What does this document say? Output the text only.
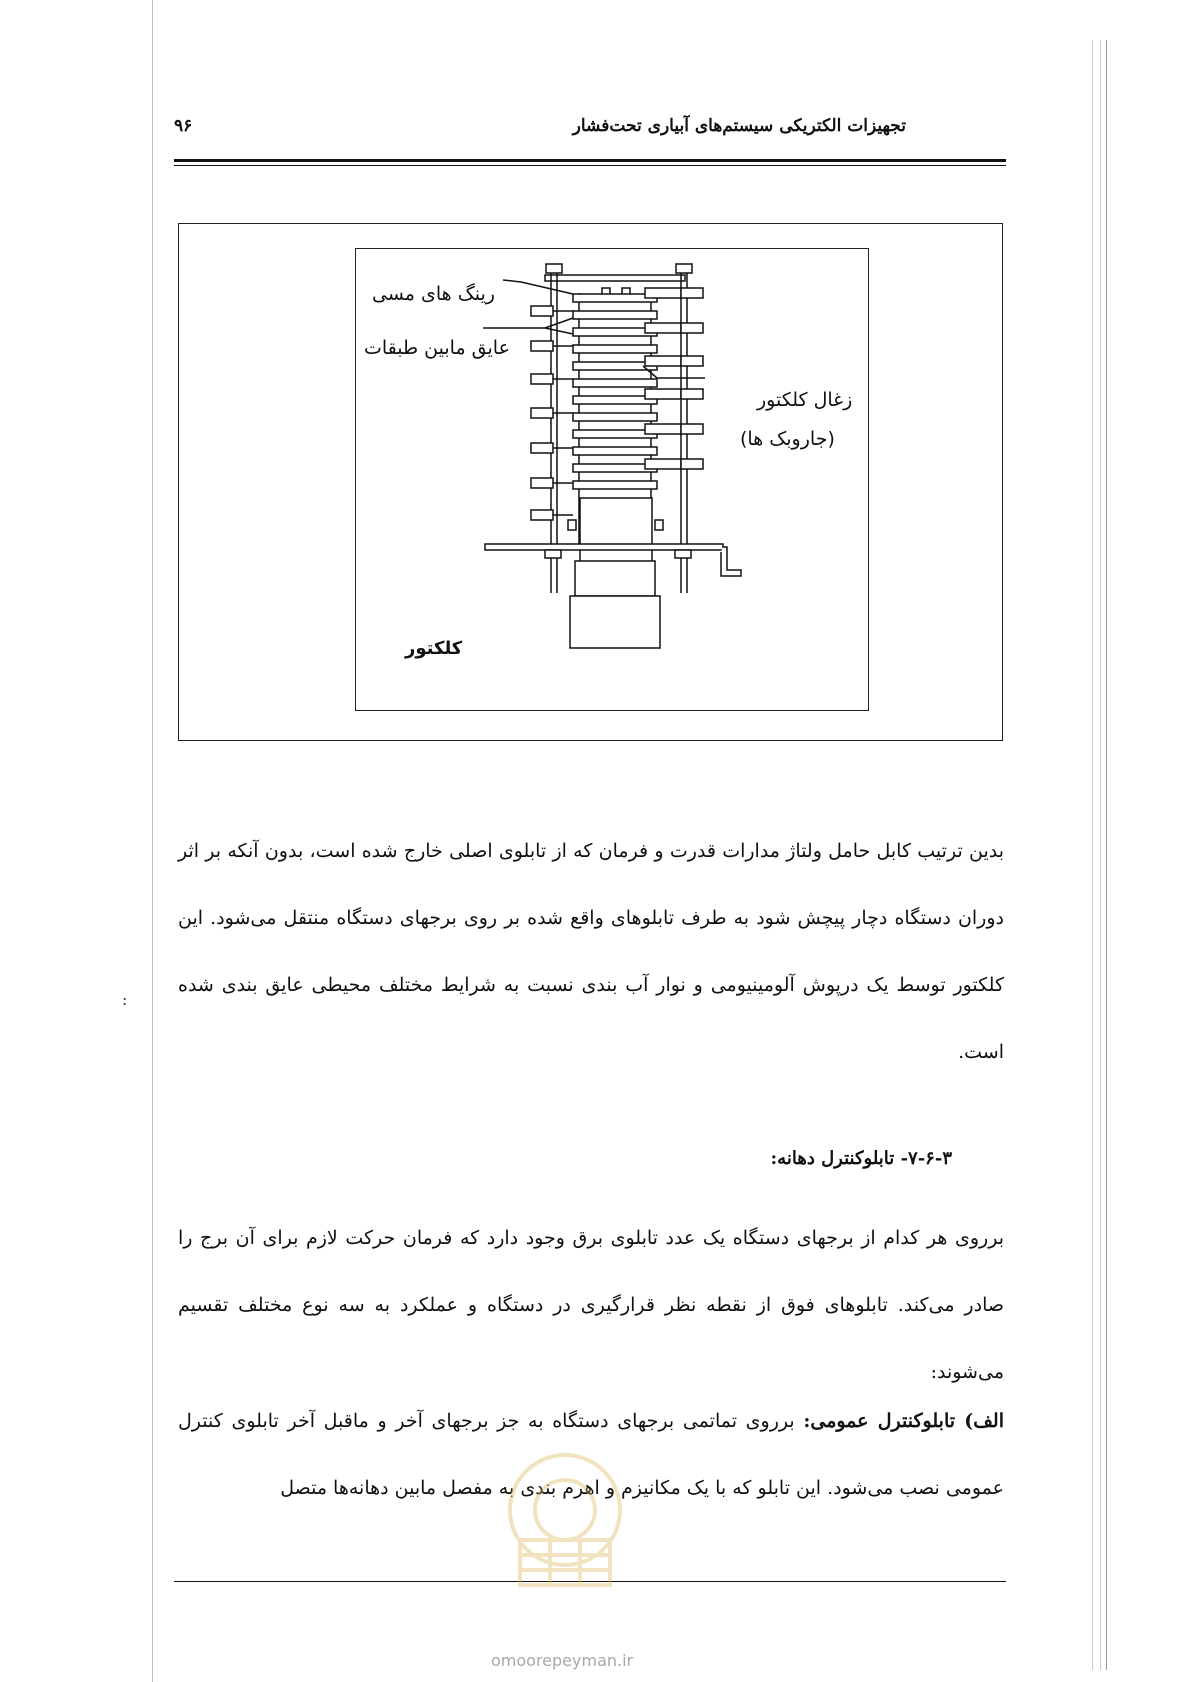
تجهیزات الکتریکی سیستم‌های آبیاری تحت‌فشار
۹۶
رینگ های مسی
عایق مابین طبقات
زغال کلکتور
(جاروبک ها)
کلکتور
بدین ترتیب کابل حامل ولتاژ مدارات قدرت و فرمان که از تابلوی اصلی خارج شده است، بدون آنکه بر اثر دوران دستگاه دچار پیچش شود به طرف تابلوهای واقع شده بر روی برجهای دستگاه منتقل می‌شود. این کلکتور توسط یک درپوش آلومینیومی و نوار آب بندی نسبت به شرایط مختلف محیطی عایق بندی شده است.
۷-۶-۳- تابلوکنترل دهانه:
برروی هر کدام از برجهای دستگاه یک عدد تابلوی برق وجود دارد که فرمان حرکت لازم برای آن برج را صادر می‌کند. تابلوهای فوق از نقطه نظر قرارگیری در دستگاه و عملکرد به سه نوع مختلف تقسیم می‌شوند:
الف) تابلوکنترل عمومی: برروی تماتمی برجهای دستگاه به جز برجهای آخر و ماقبل آخر تابلوی کنترل عمومی نصب می‌شود. این تابلو که با یک مکانیزم و اهرم بندی به مفصل مابین دهانه‌ها متصل
omoorepeyman.ir
:
